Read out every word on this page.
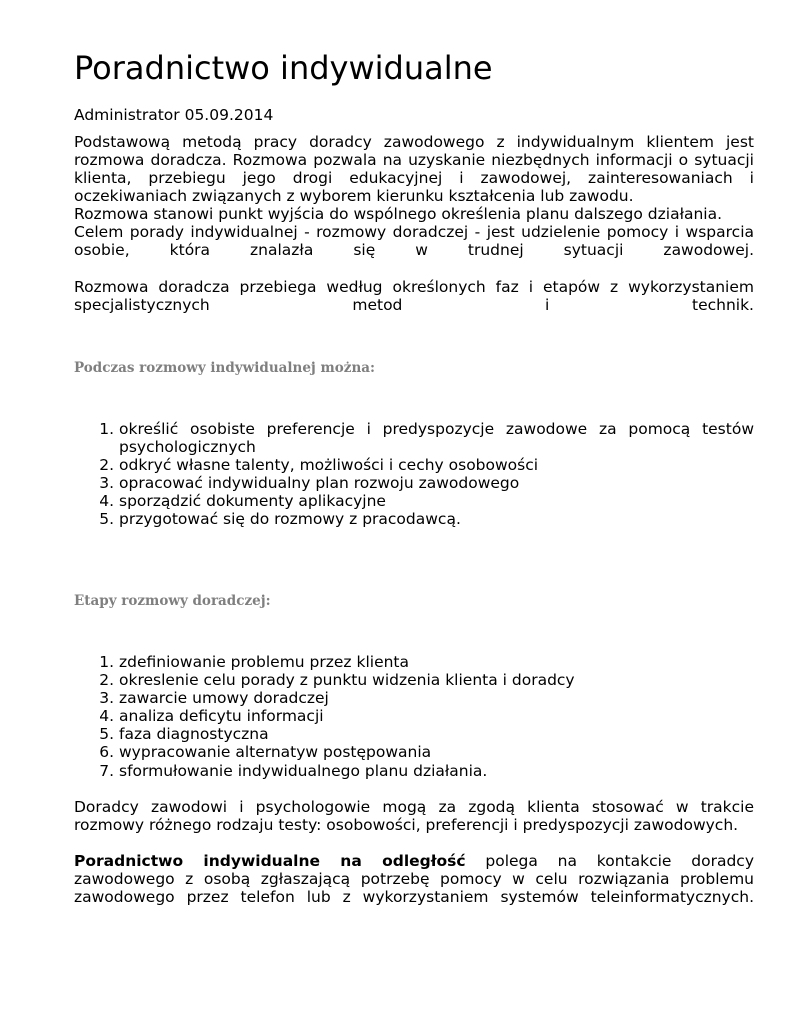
Poradnictwo indywidualne
Administrator 05.09.2014

Podstawową metodą pracy doradcy zawodowego z indywidualnym klientem jest rozmowa doradcza. Rozmowa pozwala na uzyskanie niezbędnych informacji o sytuacji klienta, przebiegu jego drogi edukacyjnej i zawodowej, zainteresowaniach i oczekiwaniach związanych z wyborem kierunku kształcenia lub zawodu.

Rozmowa stanowi punkt wyjścia do wspólnego określenia planu dalszego działania.

Celem porady indywidualnej - rozmowy doradczej - jest udzielenie pomocy i wsparcia osobie, która znalazła się w trudnej sytuacji zawodowej.

Rozmowa doradcza przebiega według określonych faz i etapów z wykorzystaniem specjalistycznych metod i technik.

Podczas rozmowy indywidualnej można:
1. określić osobiste preferencje i predyspozycje zawodowe za pomocą testów psychologicznych
2. odkryć własne talenty, możliwości i cechy osobowości
3. opracować indywidualny plan rozwoju zawodowego
4. sporządzić dokumenty aplikacyjne
5. przygotować się do rozmowy z pracodawcą.
Etapy rozmowy doradczej:
1. zdefiniowanie problemu przez klienta
2. okreslenie celu porady z punktu widzenia klienta i doradcy
3. zawarcie umowy doradczej
4. analiza deficytu informacji
5. faza diagnostyczna
6. wypracowanie alternatyw postępowania
7. sformułowanie indywidualnego planu działania.

Doradcy zawodowi i psychologowie mogą za zgodą klienta stosować w trakcie rozmowy różnego rodzaju testy: osobowości, preferencji i predyspozycji zawodowych.

Poradnictwo indywidualne na odległość polega na kontakcie doradcy zawodowego z osobą zgłaszającą potrzebę pomocy w celu rozwiązania problemu zawodowego przez telefon lub z wykorzystaniem systemów teleinformatycznych.
